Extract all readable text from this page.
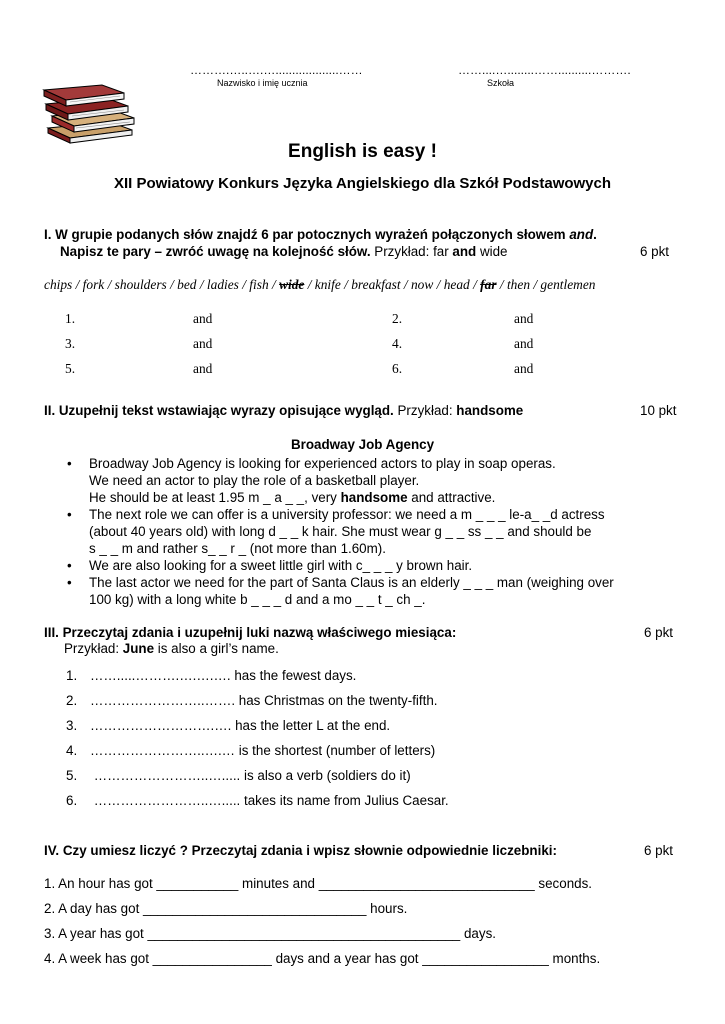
……….…..….…...................……	……....…........……..........……….
Nazwisko i imię ucznia	Szkoła
English is easy !
XII Powiatowy Konkurs Języka Angielskiego dla Szkół Podstawowych
I. W grupie podanych słów znajdź 6 par potocznych wyrażeń połączonych słowem and.
Napisz te pary – zwróć uwagę na kolejność słów. Przykład: far and wide	6 pkt
chips / fork / shoulders / bed / ladies / fish / wide / knife / breakfast / now / head / far / then / gentlemen
1.	and	2.	and
3.	and	4.	and
5.	and	6.	and
II. Uzupełnij tekst wstawiając wyrazy opisujące wygląd. Przykład: handsome	10 pkt
Broadway Job Agency
• Broadway Job Agency is looking for experienced actors to play in soap operas.

We need an actor to play the role of a basketball player.

He should be at least 1.95 m _ a _ _, very handsome and attractive.

• The next role we can offer is a university professor: we need a m _ _ _ le-a_ _d actress

(about 40 years old) with long d _ _ k hair. She must wear g _ _ ss _ _ and should be

s _ _ m and rather s_ _ r _ (not more than 1.60m).

• We are also looking for a sweet little girl with c_ _ _ y brown hair.

• The last actor we need for the part of Santa Claus is an elderly _ _ _ man (weighing over

100 kg) with a long white b _ _ _ d and a mo _ _ t _ ch _.

III. Przeczytaj zdania i uzupełnij luki nazwą właściwego miesiąca:	6 pkt
Przykład: June is also a girl’s name.
1. …….....……….….….…. has the fewest days.
2. ……………………..……. has Christmas on the twenty-fifth.
3. ……………………….…. has the letter L at the end.
4. ……………………..….… is the shortest (number of letters)
5. ……………………..…..... is also a verb (soldiers do it)
6. ……………………..…..... takes its name from Julius Caesar.
IV. Czy umiesz liczyć ? Przeczytaj zdania i wpisz słownie odpowiednie liczebniki:	6 pkt
1. An hour has got ___________ minutes and _____________________________ seconds.
2. A day has got ______________________________ hours.
3. A year has got __________________________________________ days.
4. A week has got ________________ days and a year has got _________________ months.
